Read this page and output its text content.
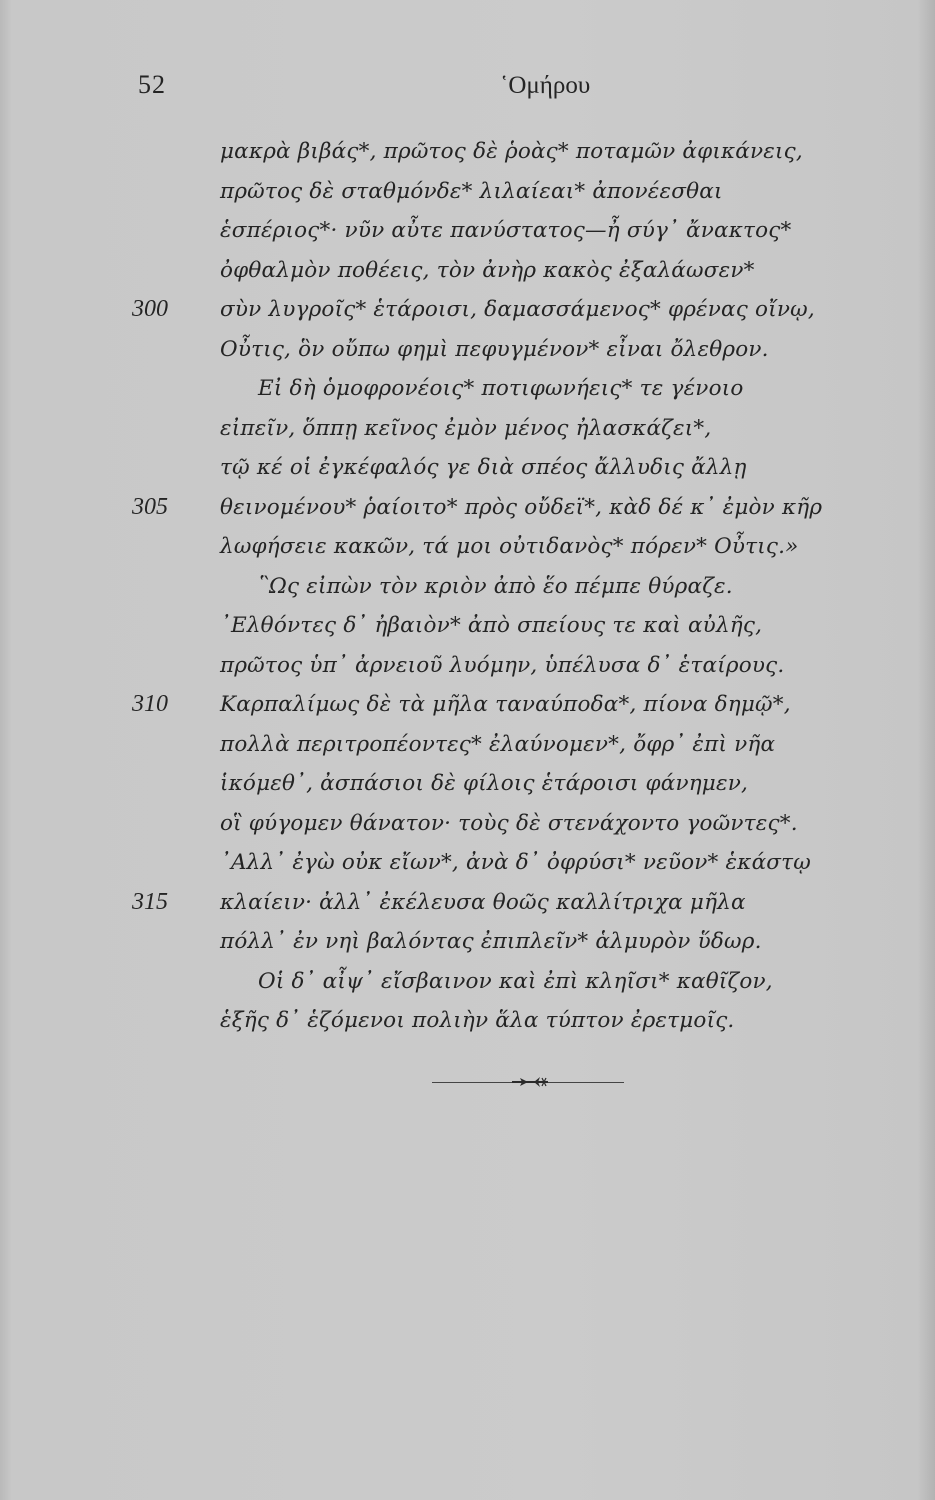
52	῾Ομήρου
μακρὰ βιβάς*, πρῶτος δὲ ῥοὰς* ποταμῶν ἀφικάνεις,
πρῶτος δὲ σταθμόνδε* λιλαίεαι* ἀπονέεσθαι
ἑσπέριος*· νῦν αὖτε πανύστατος—ἦ σύγ᾽ ἄνακτος*
ὀφθαλμὸν ποθέεις, τὸν ἀνὴρ κακὸς ἐξαλάωσεν*
300 σὺν λυγροῖς* ἑτάροισι, δαμασσάμενος* φρένας οἴνῳ,
Οὖτις, ὃν οὔπω φημὶ πεφυγμένον* εἶναι ὄλεθρον.
Εἰ δὴ ὁμοφρονέοις* ποτιφωνήεις* τε γένοιο
εἰπεῖν, ὅππῃ κεῖνος ἐμὸν μένος ἠλασκάζει*,
τῷ κέ οἱ ἐγκέφαλός γε διὰ σπέος ἄλλυδις ἄλλῃ
305 θεινομένου* ῥαίοιτο* πρὸς οὔδεϊ*, κὰδ δέ κ᾽ ἐμὸν κῆρ
λωφήσειε κακῶν, τά μοι οὐτιδανὸς* πόρεν* Οὖτις.»
῝Ως εἰπὼν τὸν κριὸν ἀπὸ ἕο πέμπε θύραζε.
᾽Ελθόντες δ᾽ ἠβαιὸν* ἀπὸ σπείους τε καὶ αὐλῆς,
πρῶτος ὑπ᾽ ἀρνειοῦ λυόμην, ὑπέλυσα δ᾽ ἑταίρους.
310 Καρπαλίμως δὲ τὰ μῆλα ταναύποδα*, πίονα δημῷ*,
πολλὰ περιτροπέοντες* ἐλαύνομεν*, ὄφρ᾽ ἐπὶ νῆα
ἱκόμεθ᾽, ἀσπάσιοι δὲ φίλοις ἑτάροισι φάνημεν,
οἳ φύγομεν θάνατον· τοὺς δὲ στενάχοντο γοῶντες*.
᾽Αλλ᾽ ἐγὼ οὐκ εἴων*, ἀνὰ δ᾽ ὀφρύσι* νεῦον* ἑκάστῳ
315 κλαίειν· ἀλλ᾽ ἐκέλευσα θοῶς καλλίτριχα μῆλα
πόλλ᾽ ἐν νηὶ βαλόντας ἐπιπλεῖν* ἁλμυρὸν ὕδωρ.
Οἱ δ᾽ αἶψ᾽ εἴσβαινον καὶ ἐπὶ κληῖσι* καθῖζον,
ἑξῆς δ᾽ ἑζόμενοι πολιὴν ἅλα τύπτον ἐρετμοῖς.
